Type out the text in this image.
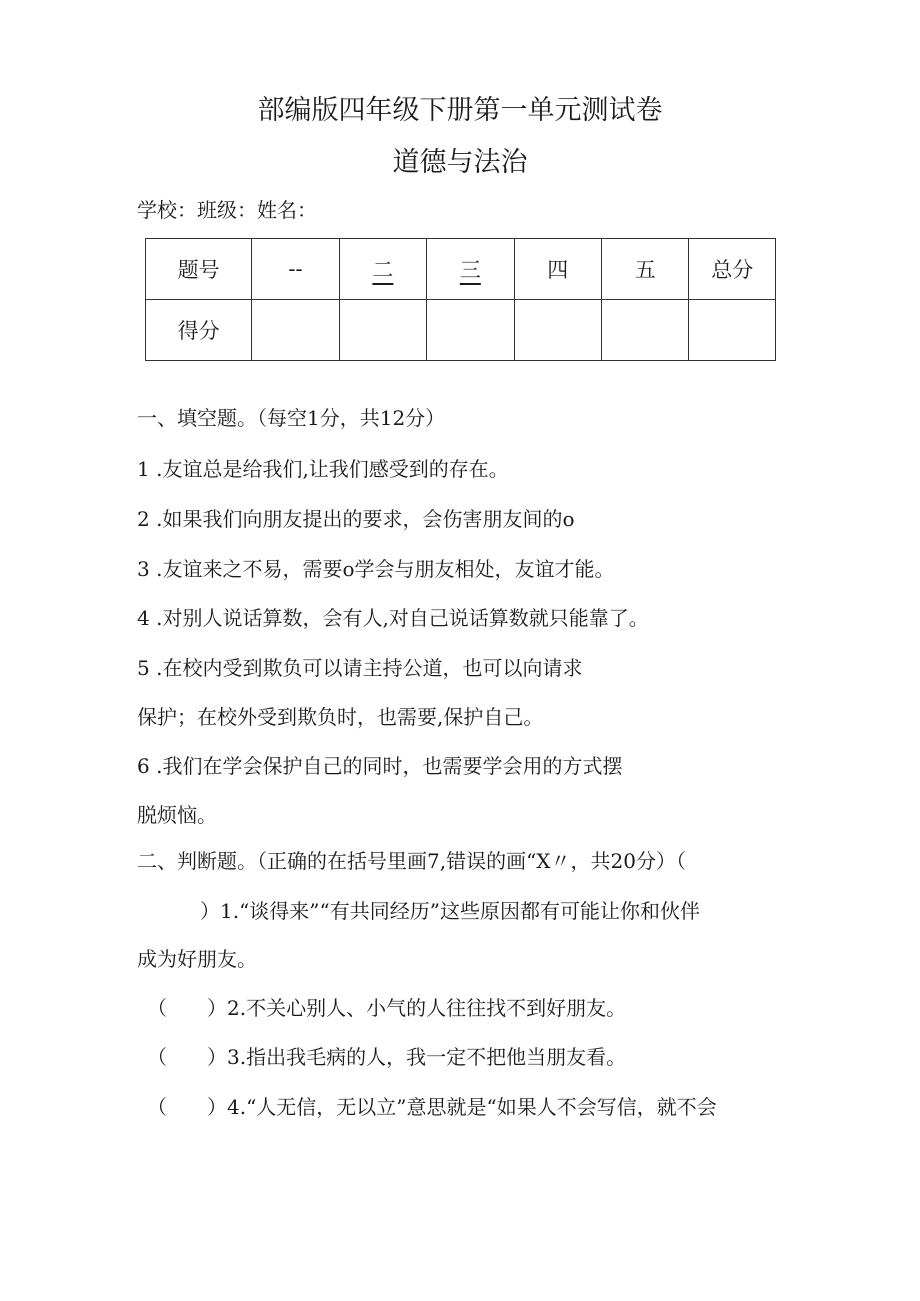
部编版四年级下册第一单元测试卷
道德与法治
学校：班级：姓名：
题号	--	二	三	四	五	总分
得分						
一、填空题。（每空1分，共12分）
1 .友谊总是给我们,让我们感受到的存在。
2 .如果我们向朋友提出的要求，会伤害朋友间的o
3 .友谊来之不易，需要o学会与朋友相处，友谊才能。
4 .对别人说话算数，会有人,对自己说话算数就只能靠了。
5 .在校内受到欺负可以请主持公道，也可以向请求
保护；在校外受到欺负时，也需要,保护自己。
6 .我们在学会保护自己的同时，也需要学会用的方式摆
脱烦恼。
二、判断题。（正确的在括号里画7,错误的画“X〃，共20分）（
）1.“谈得来”“有共同经历”这些原因都有可能让你和伙伴
成为好朋友。
（　　）2.不关心别人、小气的人往往找不到好朋友。
（　　）3.指出我毛病的人，我一定不把他当朋友看。
（　　）4.“人无信，无以立”意思就是“如果人不会写信，就不会
